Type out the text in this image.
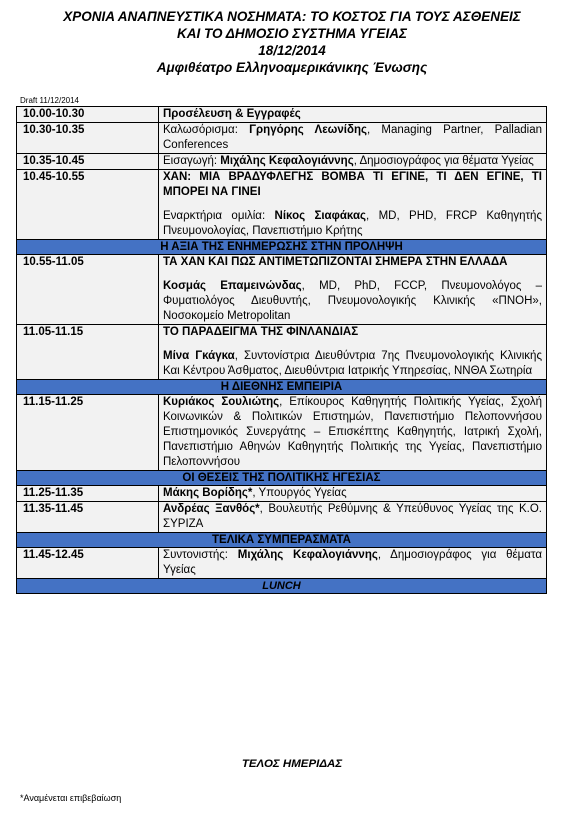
ΧΡΟΝΙΑ ΑΝΑΠΝΕΥΣΤΙΚΑ ΝΟΣΗΜΑΤΑ: ΤΟ ΚΟΣΤΟΣ ΓΙΑ ΤΟΥΣ ΑΣΘΕΝΕΙΣ
ΚΑΙ ΤΟ ΔΗΜΟΣΙΟ ΣΥΣΤΗΜΑ ΥΓΕΙΑΣ
18/12/2014
Αμφιθέατρο Ελληνοαμερικάνικης Ένωσης
Draft 11/12/2014
10.00-10.30	Προσέλευση & Εγγραφές
10.30-10.35	Καλωσόρισμα: Γρηγόρης Λεωνίδης, Managing Partner, Palladian Conferences
10.35-10.45	Εισαγωγή: Μιχάλης Κεφαλογιάννης, Δημοσιογράφος για θέματα Υγείας
10.45-10.55	ΧΑΝ: ΜΙΑ ΒΡΑΔΥΦΛΕΓΗΣ ΒΟΜΒΑ ΤΙ ΕΓΙΝΕ, ΤΙ ΔΕΝ ΕΓΙΝΕ, ΤΙ ΜΠΟΡΕΙ ΝΑ ΓΙΝΕΙ
Εναρκτήρια ομιλία: Νίκος Σιαφάκας, MD, PHD, FRCP Καθηγητής Πνευμονολογίας, Πανεπιστήμιο Κρήτης

Η ΑΞΙΑ ΤΗΣ ΕΝΗΜΕΡΩΣΗΣ ΣΤΗΝ ΠΡΟΛΗΨΗ	
10.55-11.05	ΤΑ ΧΑΝ ΚΑΙ ΠΩΣ ΑΝΤΙΜΕΤΩΠΙΖΟΝΤΑΙ ΣΗΜΕΡΑ ΣΤΗΝ ΕΛΛΑΔΑ
Κοσμάς Επαμεινώνδας, MD, PhD, FCCP, Πνευμονολόγος – Φυματιολόγος Διευθυντής, Πνευμονολογικής Κλινικής «ΠΝΟΗ», Νοσοκομείο Metropolitan

11.05-11.15	ΤΟ ΠΑΡΑΔΕΙΓΜΑ ΤΗΣ ΦΙΝΛΑΝΔΙΑΣ
Μίνα Γκάγκα, Συντονίστρια Διευθύντρια 7ης Πνευμονολογικής Κλινικής Και Κέντρου Άσθματος, Διευθύντρια Ιατρικής Υπηρεσίας, ΝΝΘΑ Σωτηρία

Η ΔΙΕΘΝΗΣ ΕΜΠΕΙΡΙΑ	
11.15-11.25	Κυριάκος Σουλιώτης, Επίκουρος Καθηγητής Πολιτικής Υγείας, Σχολή Κοινωνικών & Πολιτικών Επιστημών, Πανεπιστήμιο Πελοποννήσου Επιστημονικός Συνεργάτης – Επισκέπτης Καθηγητής, Ιατρική Σχολή, Πανεπιστήμιο Αθηνών Καθηγητής Πολιτικής της Υγείας, Πανεπιστήμιο Πελοποννήσου
ΟΙ ΘΕΣΕΙΣ ΤΗΣ ΠΟΛΙΤΙΚΗΣ ΗΓΕΣΙΑΣ	
11.25-11.35	Μάκης Βορίδης*, Υπουργός Υγείας
11.35-11.45	Ανδρέας Ξανθός*, Βουλευτής Ρεθύμνης & Υπεύθυνος Υγείας της Κ.Ο. ΣΥΡΙΖΑ
ΤΕΛΙΚΑ ΣΥΜΠΕΡΑΣΜΑΤΑ	
11.45-12.45	Συντονιστής: Μιχάλης Κεφαλογιάννης, Δημοσιογράφος για θέματα Υγείας
LUNCH	
ΤΕΛΟΣ ΗΜΕΡΙΔΑΣ
*Αναμένεται επιβεβαίωση
